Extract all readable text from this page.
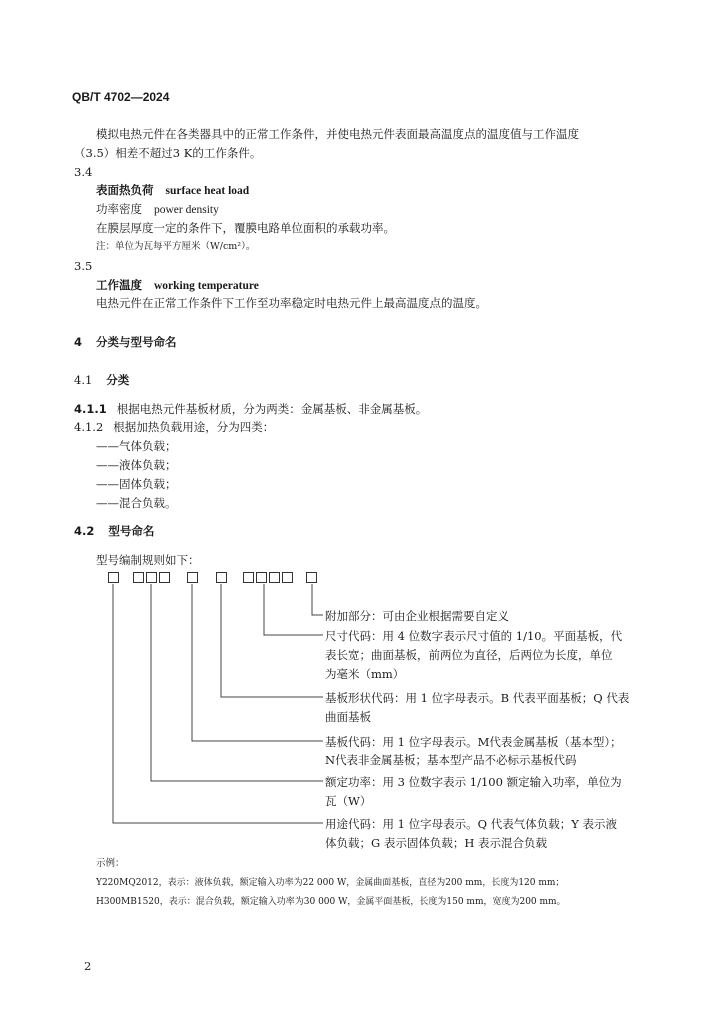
QB/T 4702—2024
模拟电热元件在各类器具中的正常工作条件，并使电热元件表面最高温度点的温度值与工作温度
（3.5）相差不超过3 K的工作条件。
3.4
表面热负荷 surface heat load
功率密度 power density
在膜层厚度一定的条件下，覆膜电路单位面积的承载功率。
注：单位为瓦每平方厘米（W/cm²）。
3.5
工作温度 working temperature
电热元件在正常工作条件下工作至功率稳定时电热元件上最高温度点的温度。
4 分类与型号命名
4.1 分类
4.1.1 根据电热元件基板材质，分为两类：金属基板、非金属基板。
4.1.2 根据加热负载用途，分为四类：
——气体负载；
——液体负载；
——固体负载；
——混合负载。
4.2 型号命名
型号编制规则如下：
附加部分：可由企业根据需要自定义
尺寸代码：用 4 位数字表示尺寸值的 1/10。平面基板，代
表长宽；曲面基板，前两位为直径，后两位为长度，单位
为毫米（mm）
基板形状代码：用 1 位字母表示。B 代表平面基板；Q 代表
曲面基板
基板代码：用 1 位字母表示。M代表金属基板（基本型）；
N代表非金属基板；基本型产品不必标示基板代码
额定功率：用 3 位数字表示 1/100 额定输入功率，单位为
瓦（W）
用途代码：用 1 位字母表示。Q 代表气体负载；Y 表示液
体负载；G 表示固体负载；H 表示混合负载
示例：
Y220MQ2012，表示：液体负载，额定输入功率为22 000 W，金属曲面基板，直径为200 mm，长度为120 mm；
H300MB1520，表示：混合负载，额定输入功率为30 000 W，金属平面基板，长度为150 mm，宽度为200 mm。
2
